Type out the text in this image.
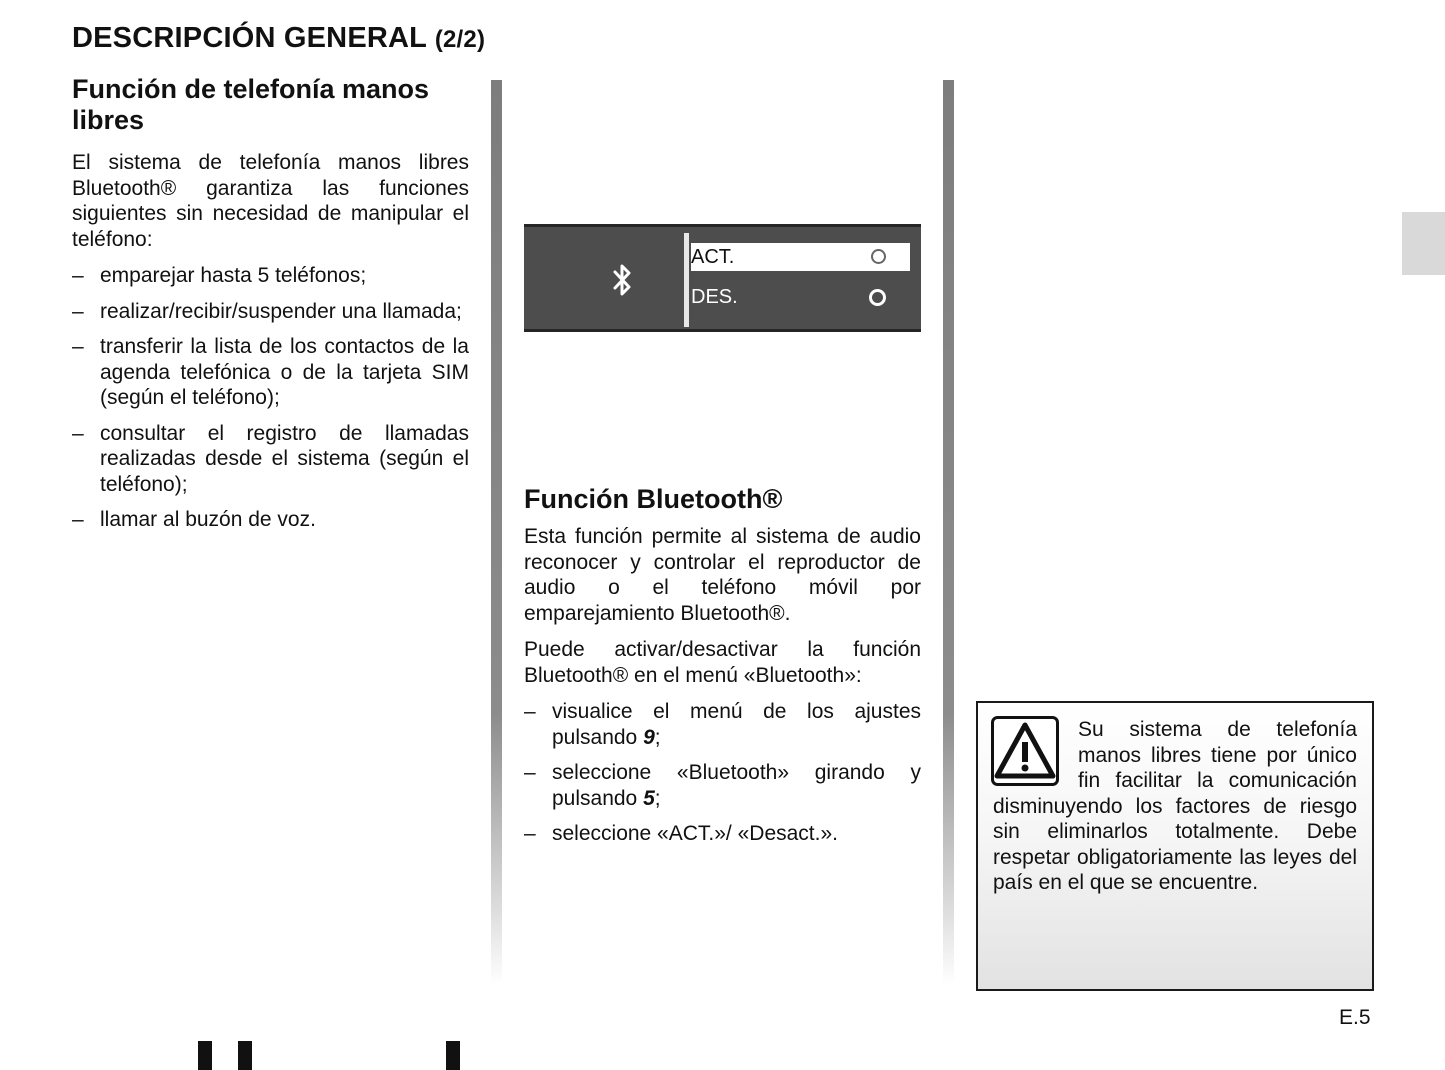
DESCRIPCIÓN GENERAL (2/2)
Función de telefonía manos libres

El sistema de telefonía manos libres Bluetooth® garantiza las funciones siguientes sin necesidad de manipular el teléfono:

– emparejar hasta 5 teléfonos;
– realizar/recibir/suspender una llamada;
– transferir la lista de los contactos de la agenda telefónica o de la tarjeta SIM (según el teléfono);
– consultar el registro de llamadas realizadas desde el sistema (según el teléfono);
– llamar al buzón de voz.
ACT.
DES.
Función Bluetooth®

Esta función permite al sistema de audio reconocer y controlar el reproductor de audio o el teléfono móvil por emparejamiento Bluetooth®.

Puede activar/desactivar la función Bluetooth® en el menú «Bluetooth»:

– visualice el menú de los ajustes pulsando 9;
– seleccione «Bluetooth» girando y pulsando 5;
– seleccione «ACT.»/ «Desact.».
Su sistema de telefonía manos libres tiene por único fin facilitar la comunicación disminuyendo los factores de riesgo sin eliminarlos totalmente. Debe respetar obligatoriamente las leyes del país en el que se encuentre.
E.5
